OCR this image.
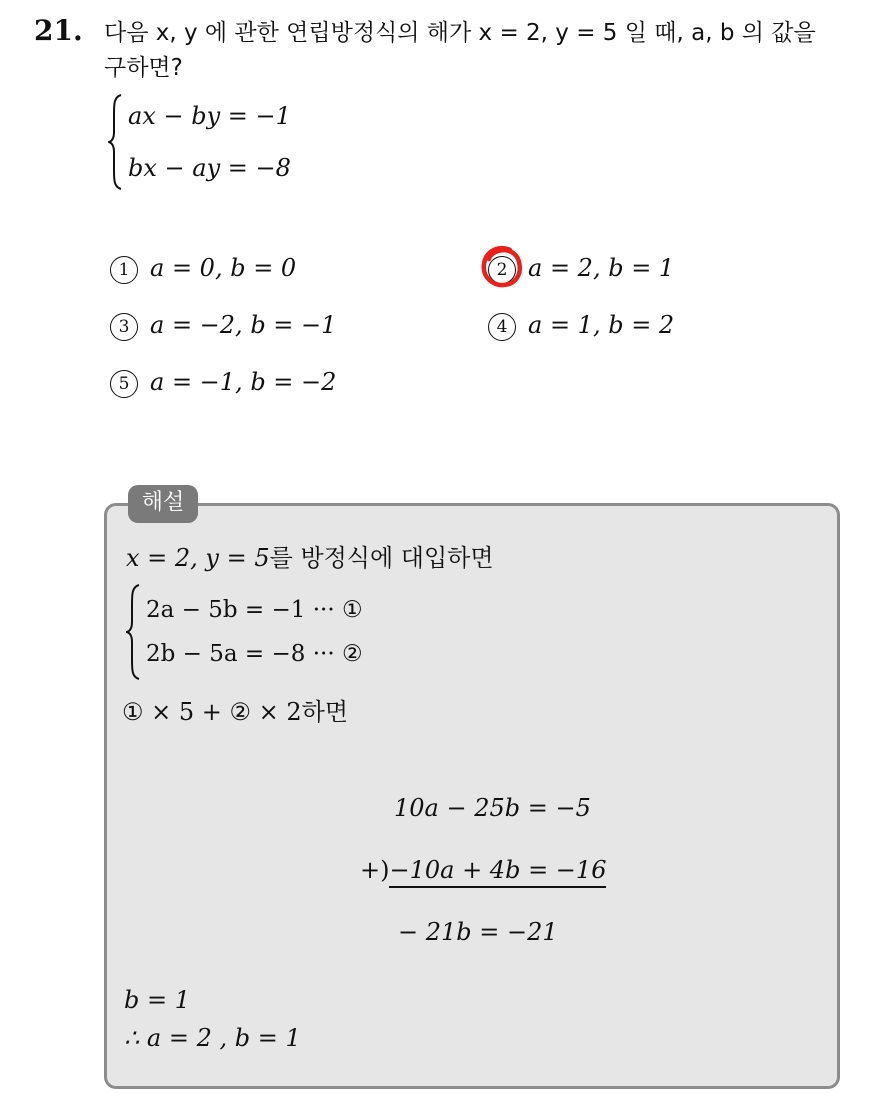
21. 다음 x, y 에 관한 연립방정식의 해가 x = 2, y = 5 일 때, a, b 의 값을
구하면?
ax − by = −1
bx − ay = −8
1 a = 0, b = 0	2 a = 2, b = 1
3 a = −2, b = −1	4 a = 1, b = 2
5 a = −1, b = −2
해설
x = 2, y = 5를 방정식에 대입하면
2a − 5b = −1 ··· ①
2b − 5a = −8 ··· ②
① × 5 + ② × 2하면
10a − 25b = −5
+)−10a + 4b = −16
− 21b = −21
b = 1
∴ a = 2 , b = 1
